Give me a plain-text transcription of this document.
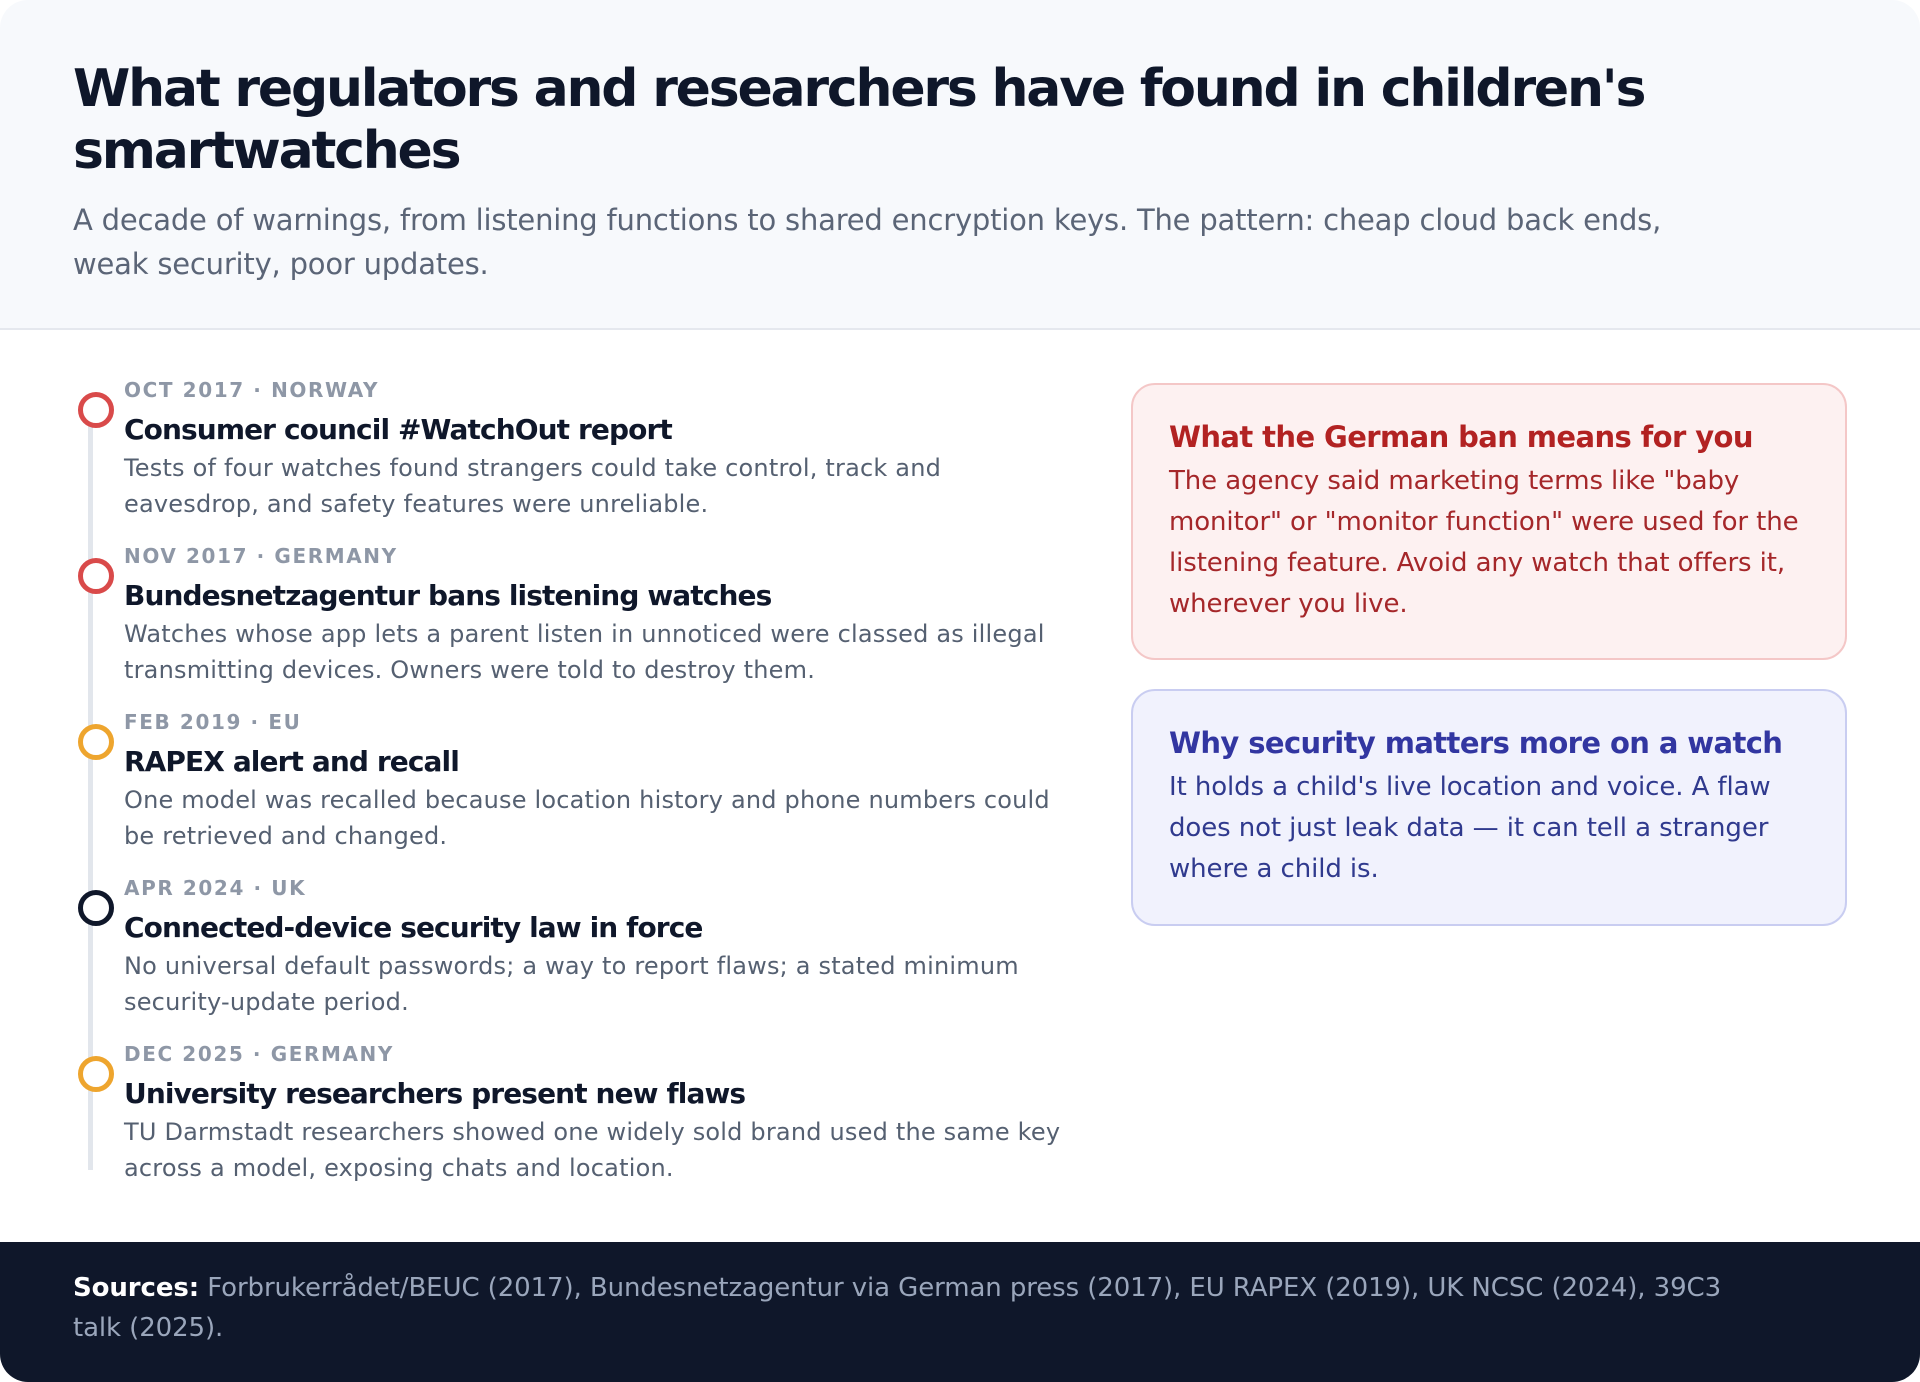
What regulators and researchers have found in children's smartwatches

A decade of warnings, from listening functions to shared encryption keys. The pattern: cheap cloud back ends, weak security, poor updates.

OCT 2017 · NORWAY
Consumer council #WatchOut report
Tests of four watches found strangers could take control, track and eavesdrop, and safety features were unreliable.
NOV 2017 · GERMANY
Bundesnetzagentur bans listening watches
Watches whose app lets a parent listen in unnoticed were classed as illegal transmitting devices. Owners were told to destroy them.
FEB 2019 · EU
RAPEX alert and recall
One model was recalled because location history and phone numbers could be retrieved and changed.
APR 2024 · UK
Connected-device security law in force
No universal default passwords; a way to report flaws; a stated minimum security-update period.
DEC 2025 · GERMANY
University researchers present new flaws
TU Darmstadt researchers showed one widely sold brand used the same key across a model, exposing chats and location.
What the German ban means for you

The agency said marketing terms like "baby monitor" or "monitor function" were used for the listening feature. Avoid any watch that offers it, wherever you live.

Why security matters more on a watch

It holds a child's live location and voice. A flaw does not just leak data — it can tell a stranger where a child is.

Sources: Forbrukerrådet/BEUC (2017), Bundesnetzagentur via German press (2017), EU RAPEX (2019), UK NCSC (2024), 39C3 talk (2025).
